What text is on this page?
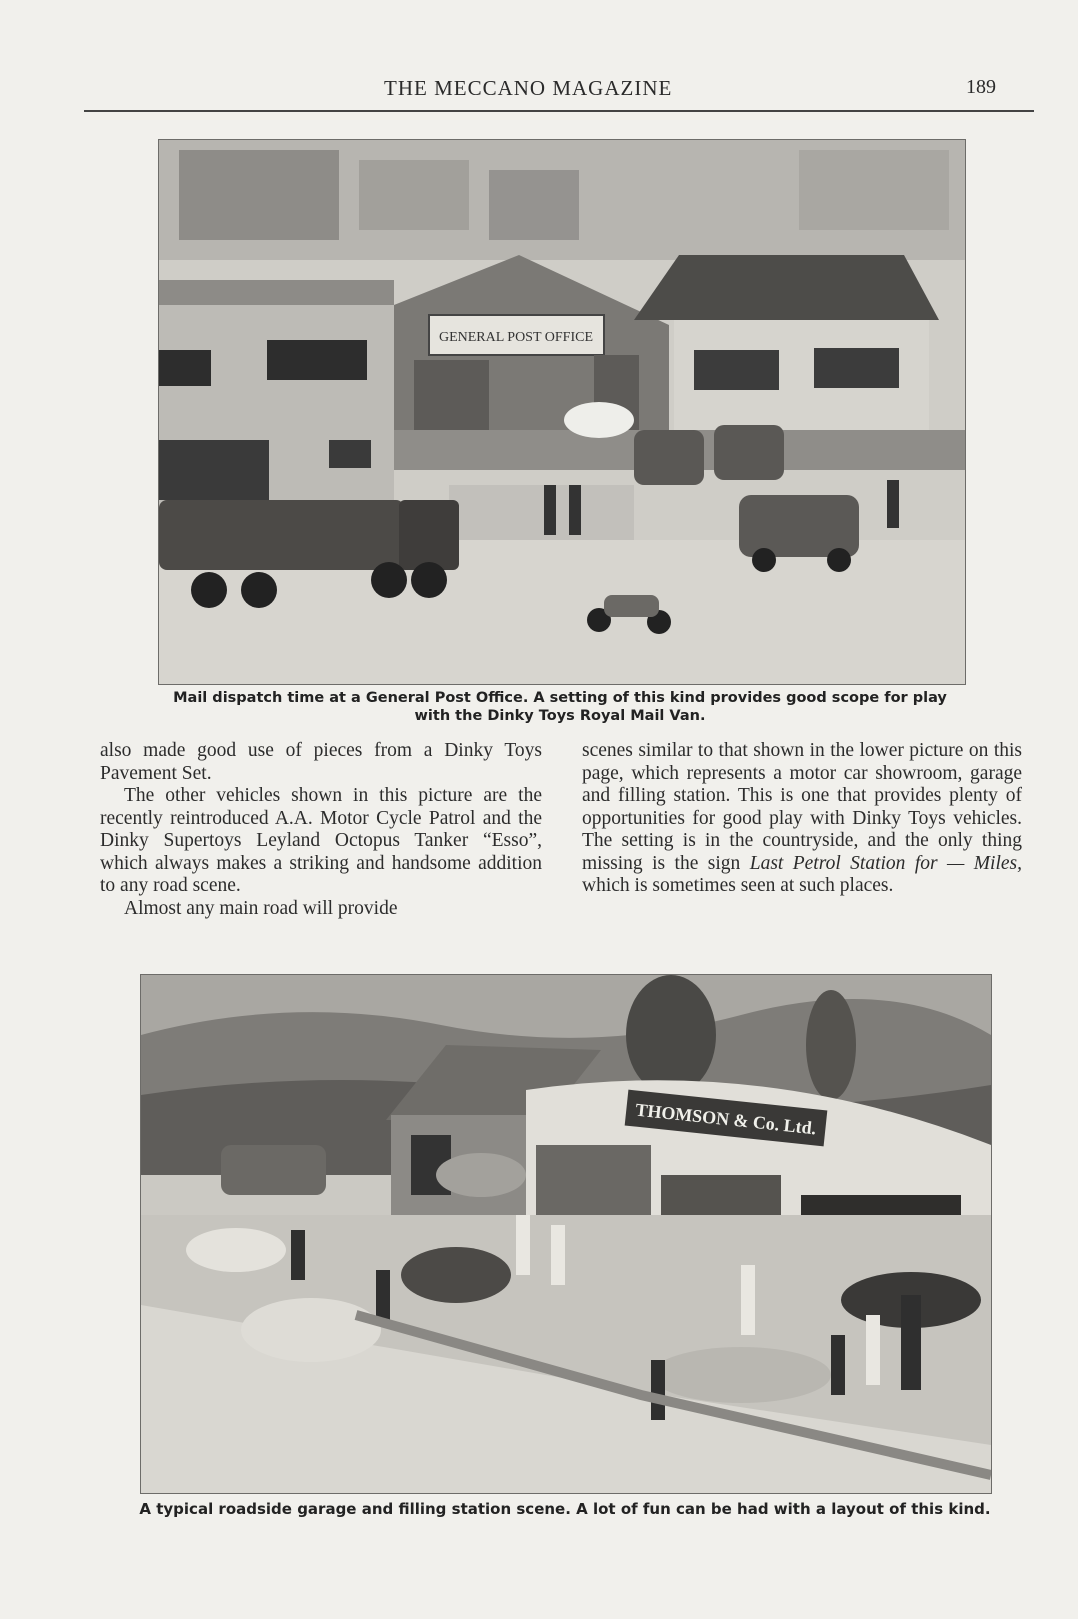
THE MECCANO MAGAZINE	189
GENERAL POST OFFICE
Mail dispatch time at a General Post Office. A setting of this kind provides good scope for play
with the Dinky Toys Royal Mail Van.

also made good use of pieces from a Dinky Toys Pavement Set.

The other vehicles shown in this picture are the recently reintroduced A.A. Motor Cycle Patrol and the Dinky Supertoys Leyland Octopus Tanker “Esso”, which always makes a striking and handsome addition to any road scene.

Almost any main road will provide

scenes similar to that shown in the lower picture on this page, which represents a motor car showroom, garage and filling station. This is one that provides plenty of opportunities for good play with Dinky Toys vehicles. The setting is in the countryside, and the only thing missing is the sign Last Petrol Station for — Miles, which is sometimes seen at such places.

THOMSON & Co. Ltd.
A typical roadside garage and filling station scene. A lot of fun can be had with a layout of this kind.
